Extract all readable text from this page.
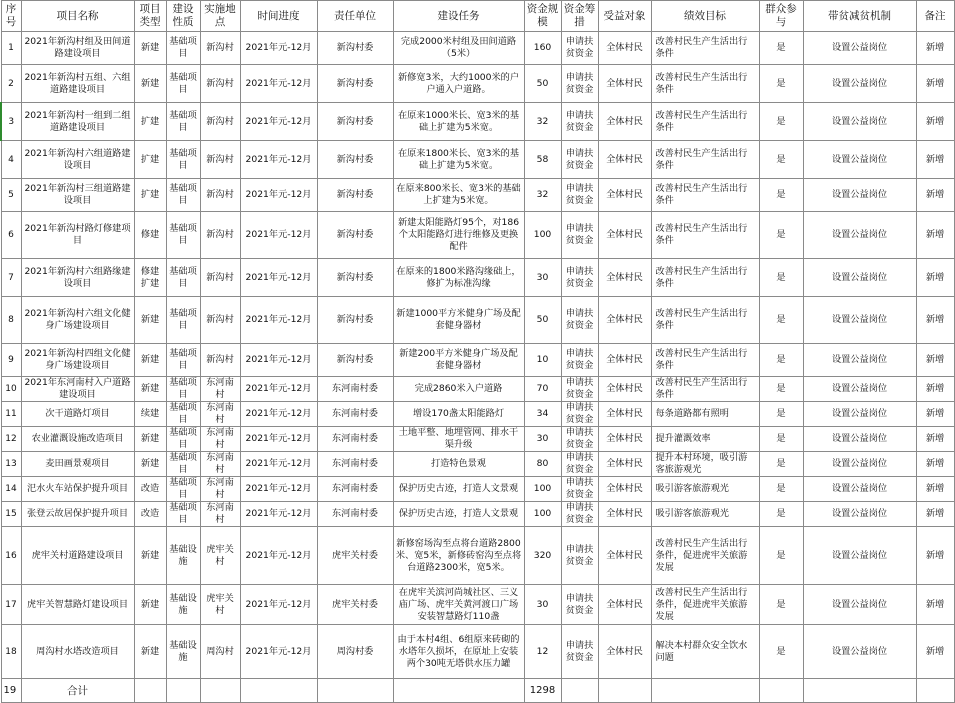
序号	项目名称	项目类型	建设性质	实施地点	时间进度	责任单位	建设任务	资金规模	资金筹措	受益对象	绩效目标	群众参与	带贫减贫机制	备注
1	2021年新沟村组及田间道路建设项目	新建	基础项目	新沟村	2021年元-12月	新沟村委	完成2000米村组及田间道路（5米）	160	申请扶贫资金	全体村民	改善村民生产生活出行条件	是	设置公益岗位	新增
2	2021年新沟村五组、六组道路建设项目	新建	基础项目	新沟村	2021年元-12月	新沟村委	新修宽3米，大约1000米的户户通入户道路。	50	申请扶贫资金	全体村民	改善村民生产生活出行条件	是	设置公益岗位	新增
3	2021年新沟村一组到二组道路建设项目	扩建	基础项目	新沟村	2021年元-12月	新沟村委	在原来1000米长、宽3米的基础上扩建为5米宽。	32	申请扶贫资金	全体村民	改善村民生产生活出行条件	是	设置公益岗位	新增
4	2021年新沟村六组道路建设项目	扩建	基础项目	新沟村	2021年元-12月	新沟村委	在原来1800米长、宽3米的基础上扩建为5米宽。	58	申请扶贫资金	全体村民	改善村民生产生活出行条件	是	设置公益岗位	新增
5	2021年新沟村三组道路建设项目	扩建	基础项目	新沟村	2021年元-12月	新沟村委	在原来800米长、宽3米的基础上扩建为5米宽。	32	申请扶贫资金	全体村民	改善村民生产生活出行条件	是	设置公益岗位	新增
6	2021年新沟村路灯修建项目	修建	基础项目	新沟村	2021年元-12月	新沟村委	新建太阳能路灯95个，对186个太阳能路灯进行维修及更换配件	100	申请扶贫资金	全体村民	改善村民生产生活出行条件	是	设置公益岗位	新增
7	2021年新沟村六组路缘建设项目	修建扩建	基础项目	新沟村	2021年元-12月	新沟村委	在原来的1800米路沟缘础上，修扩为标准沟缘	30	申请扶贫资金	全体村民	改善村民生产生活出行条件	是	设置公益岗位	新增
8	2021年新沟村六组文化健身广场建设项目	新建	基础项目	新沟村	2021年元-12月	新沟村委	新建1000平方米健身广场及配套健身器材	50	申请扶贫资金	全体村民	改善村民生产生活出行条件	是	设置公益岗位	新增
9	2021年新沟村四组文化健身广场建设项目	新建	基础项目	新沟村	2021年元-12月	新沟村委	新建200平方米健身广场及配套健身器材	10	申请扶贫资金	全体村民	改善村民生产生活出行条件	是	设置公益岗位	新增
10	2021年东河南村入户道路建设项目	新建	基础项目	东河南村	2021年元-12月	东河南村委	完成2860米入户道路	70	申请扶贫资金	全体村民	改善村民生产生活出行条件	是	设置公益岗位	新增
11	次干道路灯项目	续建	基础项目	东河南村	2021年元-12月	东河南村委	增设170盏太阳能路灯	34	申请扶贫资金	全体村民	每条道路都有照明	是	设置公益岗位	新增
12	农业灌溉设施改造项目	新建	基础项目	东河南村	2021年元-12月	东河南村委	土地平整、地埋管网、排水干渠升级	30	申请扶贫资金	全体村民	提升灌溉效率	是	设置公益岗位	新增
13	麦田画景观项目	新建	基础项目	东河南村	2021年元-12月	东河南村委	打造特色景观	80	申请扶贫资金	全体村民	提升本村环境，吸引游客旅游观光	是	设置公益岗位	新增
14	汜水火车站保护提升项目	改造	基础项目	东河南村	2021年元-12月	东河南村委	保护历史古迹，打造人文景观	100	申请扶贫资金	全体村民	吸引游客旅游观光	是	设置公益岗位	新增
15	张登云故居保护提升项目	改造	基础项目	东河南村	2021年元-12月	东河南村委	保护历史古迹，打造人文景观	100	申请扶贫资金	全体村民	吸引游客旅游观光	是	设置公益岗位	新增
16	虎牢关村道路建设项目	新建	基础设施	虎牢关村	2021年元-12月	虎牢关村委	新修窑场沟至点将台道路2800米、宽5米，新修砖窑沟至点将台道路2300米，宽5米。	320	申请扶贫资金	全体村民	改善村民生产生活出行条件，促进虎牢关旅游发展	是	设置公益岗位	新增
17	虎牢关智慧路灯建设项目	新建	基础设施	虎牢关村	2021年元-12月	虎牢关村委	在虎牢关滨河尚城社区、三义庙广场、虎牢关黄河渡口广场安装智慧路灯110盏	30	申请扶贫资金	全体村民	改善村民生产生活出行条件，促进虎牢关旅游发展	是	设置公益岗位	新增
18	周沟村水塔改造项目	新建	基础设施	周沟村	2021年元-12月	周沟村委	由于本村4组、6组原来砖砌的水塔年久损坏，在原址上安装两个30吨无塔供水压力罐	12	申请扶贫资金	全体村民	解决本村群众安全饮水问题	是	设置公益岗位	新增
19	合计							1298						
